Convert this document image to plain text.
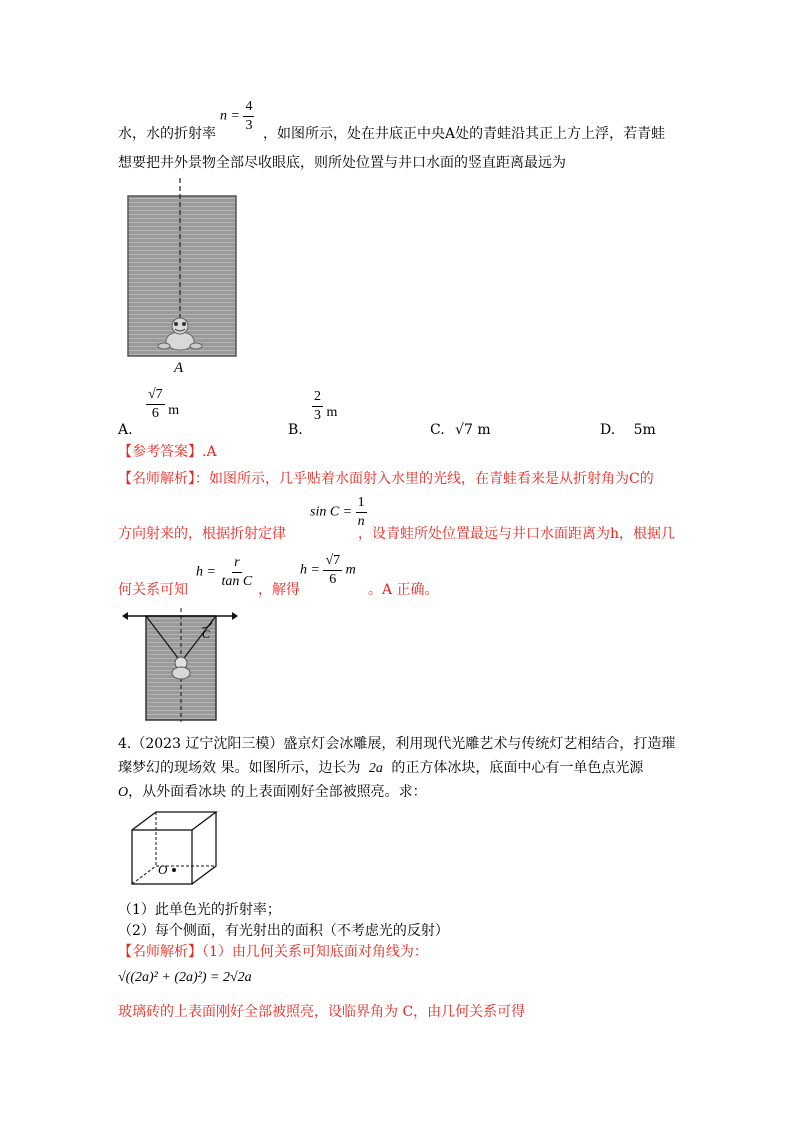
水，水的折射率
$n = \frac{4}{3}$ ，如图所示，处在井底正中央A处的青蛙沿其正上方上浮，若青蛙
想要把井外景物全部尽收眼底，则所处位置与井口水面的竖直距离最远为
A
A.
$\frac{√7}{6}$ m
B.
$\frac{2}{3}$ m
C. √7 m	D. 5m
【参考答案】.A
【名师解析】：如图所示，几乎贴着水面射入水里的光线，在青蛙看来是从折射角为C的
$\sin C = \frac{1}{n}$
方向射来的，根据折射定律	，设青蛙所处位置最远与井口水面距离为h，根据几
何关系可知
$h = \frac{r}{\text{tan C}}$ ，解得
$h = \frac{√7}{6}$ m
。A 正确。
C
4.（2023 辽宁沈阳三模）盛京灯会冰雕展，利用现代光雕艺术与传统灯艺相结合，打造璀
璨梦幻的现场效 果。如图所示，边长为 2a 的正方体冰块，底面中心有一单色点光源
O，从外面看冰块 的上表面刚好全部被照亮。求：
O
（1）此单色光的折射率；
（2）每个侧面，有光射出的面积（不考虑光的反射）
【名师解析】（1）由几何关系可知底面对角线为：
√((2a)² + (2a)²) = 2√2a
玻璃砖的上表面刚好全部被照亮，设临界角为 C，由几何关系可得
